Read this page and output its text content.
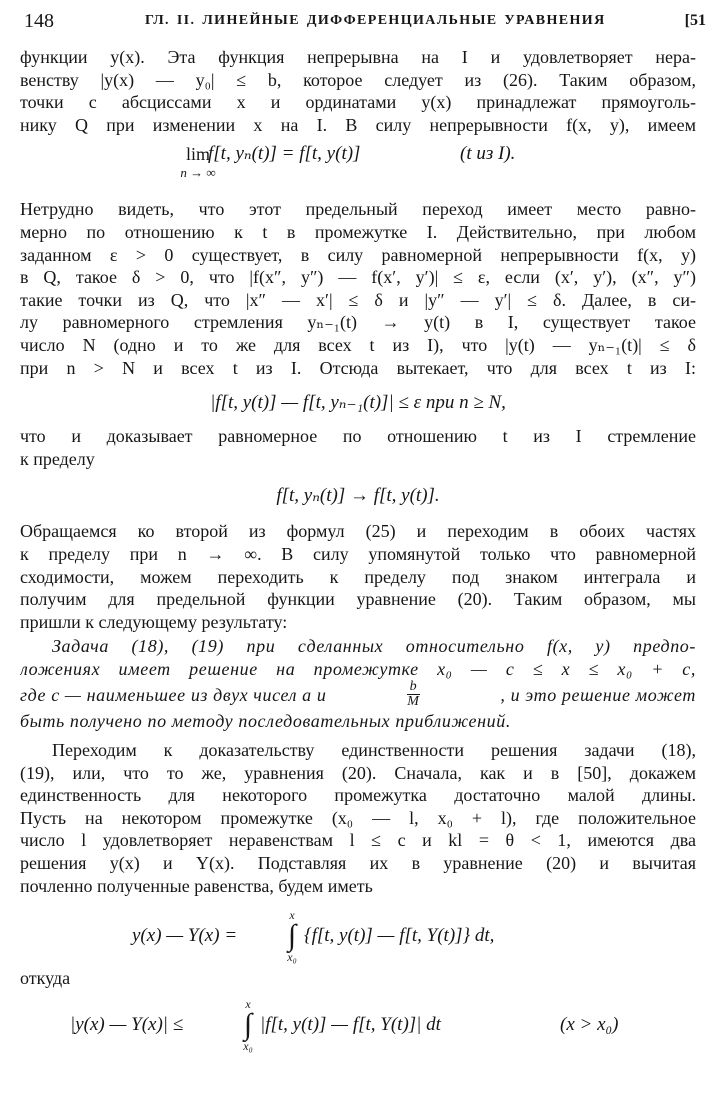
148	ГЛ. II. ЛИНЕЙНЫЕ ДИФФЕРЕНЦИАЛЬНЫЕ УРАВНЕНИЯ	[51
функции y(x). Эта функция непрерывна на I и удовлетворяет нера-
венству |y(x) — y₀| ≤ b, которое следует из (26). Таким образом,
точки с абсциссами x и ординатами y(x) принадлежат прямоуголь-
нику Q при изменении x на I. В силу непрерывности f(x, y), имеем
lim
n → ∞
f[t, yₙ(t)] = f[t, y(t)]	(t из I).
Нетрудно видеть, что этот предельный переход имеет место равно-
мерно по отношению к t в промежутке I. Действительно, при любом
заданном ε > 0 существует, в силу равномерной непрерывности f(x, y)
в Q, такое δ > 0, что |f(x″, y″) — f(x′, y′)| ≤ ε, если (x′, y′), (x″, y″)
такие точки из Q, что |x″ — x′| ≤ δ и |y″ — y′| ≤ δ. Далее, в си-
лу равномерного стремления yₙ₋₁(t) → y(t) в I, существует такое
число N (одно и то же для всех t из I), что |y(t) — yₙ₋₁(t)| ≤ δ
при n > N и всех t из I. Отсюда вытекает, что для всех t из I:
|f[t, y(t)] — f[t, yₙ₋₁(t)]| ≤ ε при n ≥ N,
что и доказывает равномерное по отношению t из I стремление
к пределу
f[t, yₙ(t)] → f[t, y(t)].
Обращаемся ко второй из формул (25) и переходим в обоих частях
к пределу при n → ∞. В силу упомянутой только что равномерной
сходимости, можем переходить к пределу под знаком интеграла и
получим для предельной функции уравнение (20). Таким образом, мы
пришли к следующему результату:
Задача (18), (19) при сделанных относительно f(x, y) предпо-
ложениях имеет решение на промежутке x₀ — c ≤ x ≤ x₀ + c,
где c — наименьшее из двух чисел a и	$\frac{b}{M}$	, и это решение может
быть получено по методу последовательных приближений.
Переходим к доказательству единственности решения задачи (18),
(19), или, что то же, уравнения (20). Сначала, как и в [50], докажем
единственность для некоторого промежутка достаточно малой длины.
Пусть на некотором промежутке (x₀ — l, x₀ + l), где положительное
число l удовлетворяет неравенствам l ≤ c и kl = θ < 1, имеются два
решения y(x) и Y(x). Подставляя их в уравнение (20) и вычитая
почленно полученные равенства, будем иметь
y(x) — Y(x) =
x
∫
x₀
{f[t, y(t)] — f[t, Y(t)]} dt,
откуда
|y(x) — Y(x)| ≤
x
∫
x₀
|f[t, y(t)] — f[t, Y(t)]| dt	(x > x₀)
